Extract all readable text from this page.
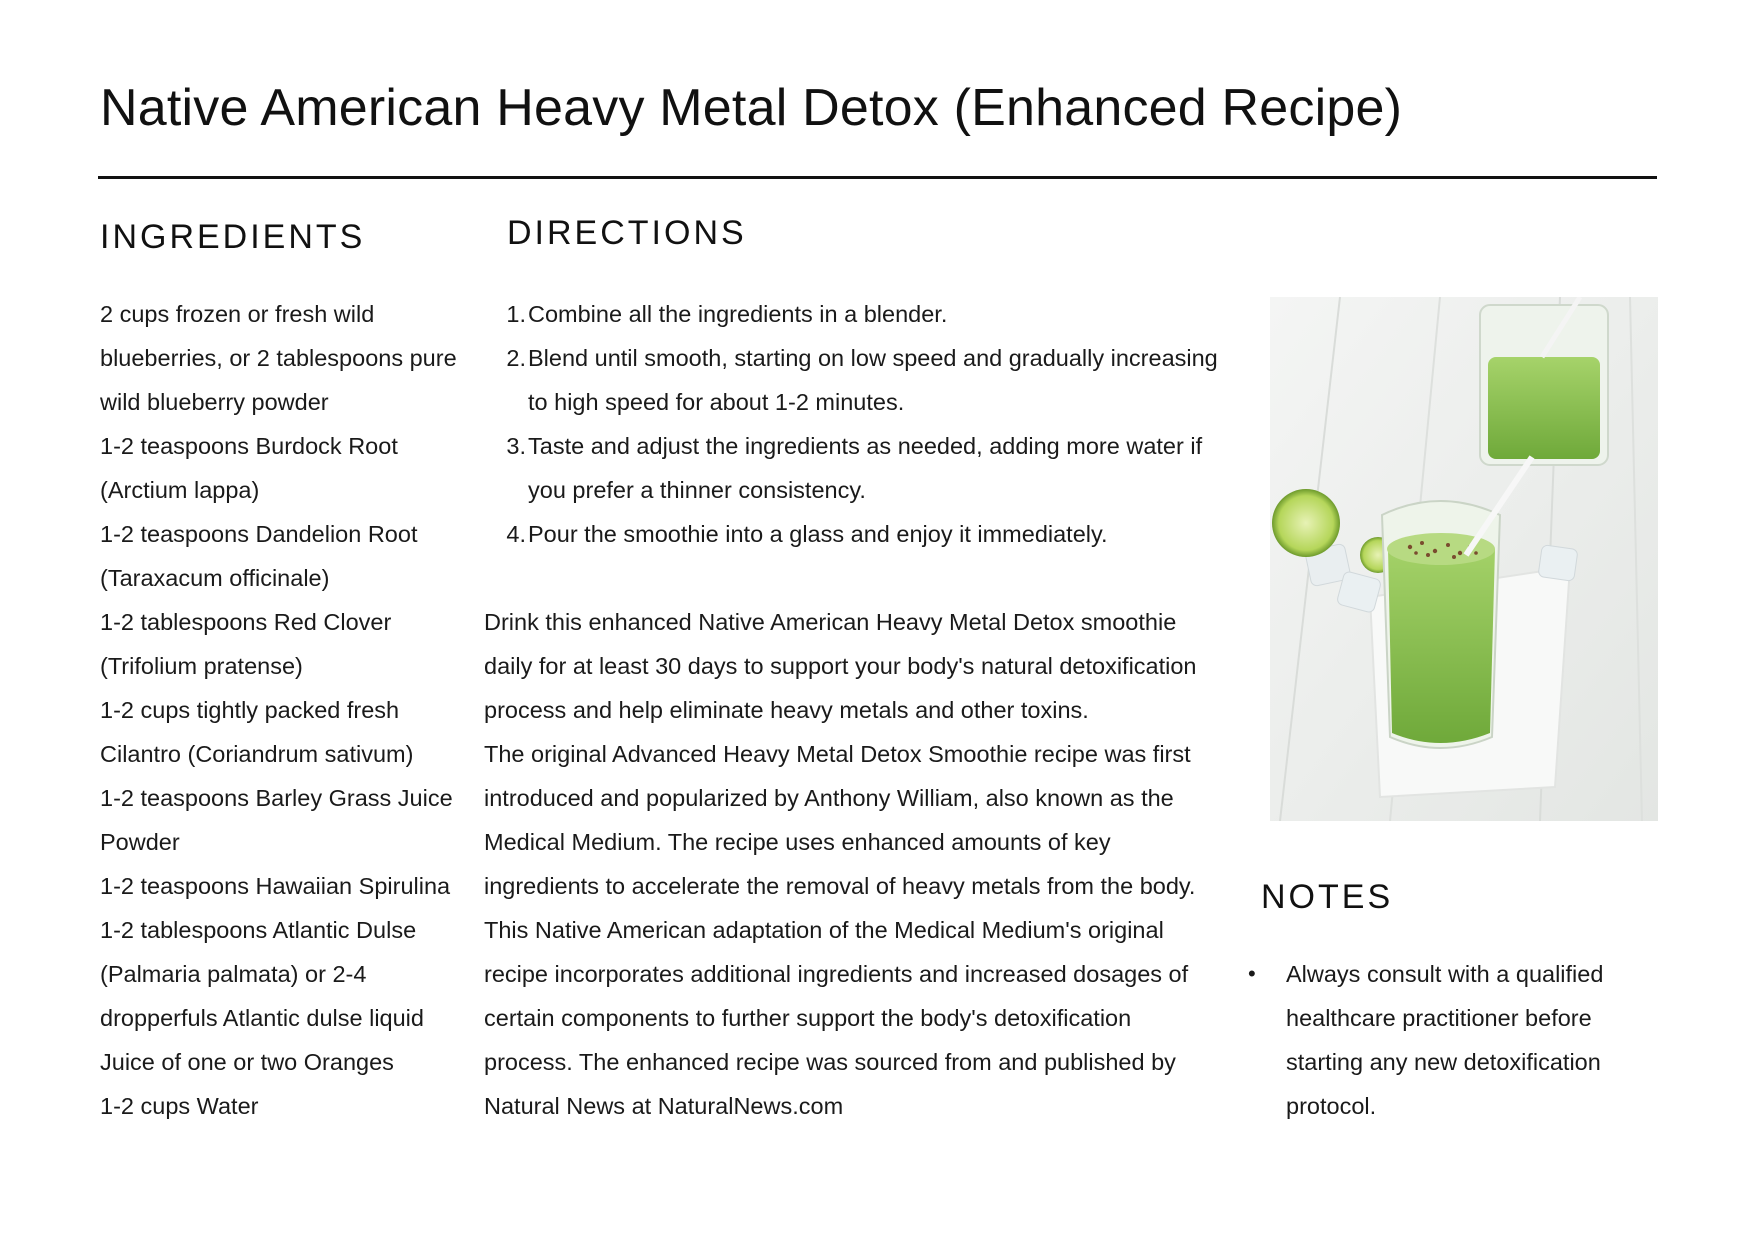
Native American Heavy Metal Detox (Enhanced Recipe)
INGREDIENTS
2 cups frozen or fresh wild blueberries, or 2 tablespoons pure wild blueberry powder
1-2 teaspoons Burdock Root (Arctium lappa)
1-2 teaspoons Dandelion Root (Taraxacum officinale)
1-2 tablespoons Red Clover (Trifolium pratense)
1-2 cups tightly packed fresh Cilantro (Coriandrum sativum)
1-2 teaspoons Barley Grass Juice Powder
1-2 teaspoons Hawaiian Spirulina
1-2 tablespoons Atlantic Dulse (Palmaria palmata) or 2-4 dropperfuls Atlantic dulse liquid
Juice of one or two Oranges
1-2 cups Water
DIRECTIONS
1. Combine all the ingredients in a blender.
2. Blend until smooth, starting on low speed and gradually increasing to high speed for about 1-2 minutes.
3. Taste and adjust the ingredients as needed, adding more water if you prefer a thinner consistency.
4. Pour the smoothie into a glass and enjoy it immediately.

Drink this enhanced Native American Heavy Metal Detox smoothie daily for at least 30 days to support your body's natural detoxification process and help eliminate heavy metals and other toxins.

The original Advanced Heavy Metal Detox Smoothie recipe was first introduced and popularized by Anthony William, also known as the Medical Medium. The recipe uses enhanced amounts of key ingredients to accelerate the removal of heavy metals from the body.

This Native American adaptation of the Medical Medium's original recipe incorporates additional ingredients and increased dosages of certain components to further support the body's detoxification process. The enhanced recipe was sourced from and published by Natural News at NaturalNews.com

NOTES
•	Always consult with a qualified healthcare practitioner before starting any new detoxification protocol.
